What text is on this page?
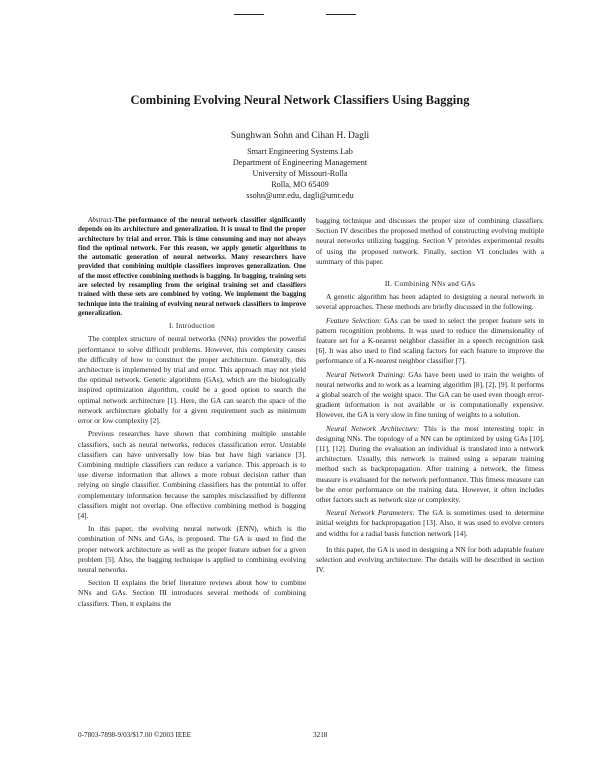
Combining Evolving Neural Network Classifiers Using Bagging
Sunghwan Sohn and Cihan H. Dagli
Smart Engineering Systems Lab
Department of Engineering Management
University of Missouri-Rolla
Rolla, MO 65409
ssohn@umr.edu, dagli@umr.edu

Abstract-The performance of the neural network classifier significantly depends on its architecture and generalization. It is usual to find the proper architecture by trial and error. This is time consuming and may not always find the optimal network. For this reason, we apply genetic algorithms to the automatic generation of neural networks. Many researchers have provided that combining multiple classifiers improves generalization. One of the most effective combining methods is bagging. In bagging, training sets are selected by resampling from the original training set and classifiers trained with these sets are combined by voting. We implement the bagging technique into the training of evolving neural network classifiers to improve generalization.

I. Introduction

The complex structure of neural networks (NNs) provides the powerful performance to solve difficult problems. However, this complexity causes the difficulty of how to construct the proper architecture. Generally, this architecture is implemented by trial and error. This approach may not yield the optimal network. Genetic algorithms (GAs), which are the biologically inspired optimization algorithm, could be a good option to search the optimal network architecture [1]. Here, the GA can search the space of the network architecture globally for a given requirement such as minimum error or low complexity [2].

Previous researches have shown that combining multiple unstable classifiers, such as neural networks, reduces classification error. Unstable classifiers can have universally low bias but have high variance [3]. Combining multiple classifiers can reduce a variance. This approach is to use diverse information that allows a more robust decision rather than relying on single classifier. Combining classifiers has the potential to offer complementary information because the samples misclassified by different classifiers might not overlap. One effective combining method is bagging [4].

In this paper, the evolving neural network (ENN), which is the combination of NNs and GAs, is proposed. The GA is used to find the proper network architecture as well as the proper feature subset for a given problem [5]. Also, the bagging technique is applied to combining evolving neural networks.

Section II explains the brief literature reviews about how to combine NNs and GAs. Section III introduces several methods of combining classifiers. Then, it explains the

bagging technique and discusses the proper size of combining classifiers. Section IV describes the proposed method of constructing evolving multiple neural networks utilizing bagging. Section V provides experimental results of using the proposed network. Finally, section VI concludes with a summary of this paper.

II. Combining NNs and GAs

A genetic algorithm has been adapted to designing a neural network in several approaches. These methods are briefly discussed in the following.

Feature Selection: GAs can be used to select the proper feature sets in pattern recognition problems. It was used to reduce the dimensionality of feature set for a K-nearest neighbor classifier in a speech recognition task [6]. It was also used to find scaling factors for each feature to improve the performance of a K-nearest neighbor classifier [7].

Neural Network Training: GAs have been used to train the weights of neural networks and to work as a learning algorithm [8], [2], [9]. It performs a global search of the weight space. The GA can be used even though error-gradient information is not available or is computationally expensive. However, the GA is very slow in fine tuning of weights to a solution.

Neural Network Architecture: This is the most interesting topic in designing NNs. The topology of a NN can be optimized by using GAs [10], [11], [12]. During the evaluation an individual is translated into a network architecture. Usually, this network is trained using a separate training method such as backpropagation. After training a network, the fitness measure is evaluated for the network performance. This fitness measure can be the error performance on the training data. However, it often includes other factors such as network size or complexity.

Neural Network Parameters: The GA is sometimes used to determine initial weights for backpropagation [13]. Also, it was used to evolve centers and widths for a radial basis function network [14].

In this paper, the GA is used in designing a NN for both adaptable feature selection and evolving architecture. The details will be described in section IV.

0-7803-7898-9/03/$17.00 ©2003 IEEE	3218
